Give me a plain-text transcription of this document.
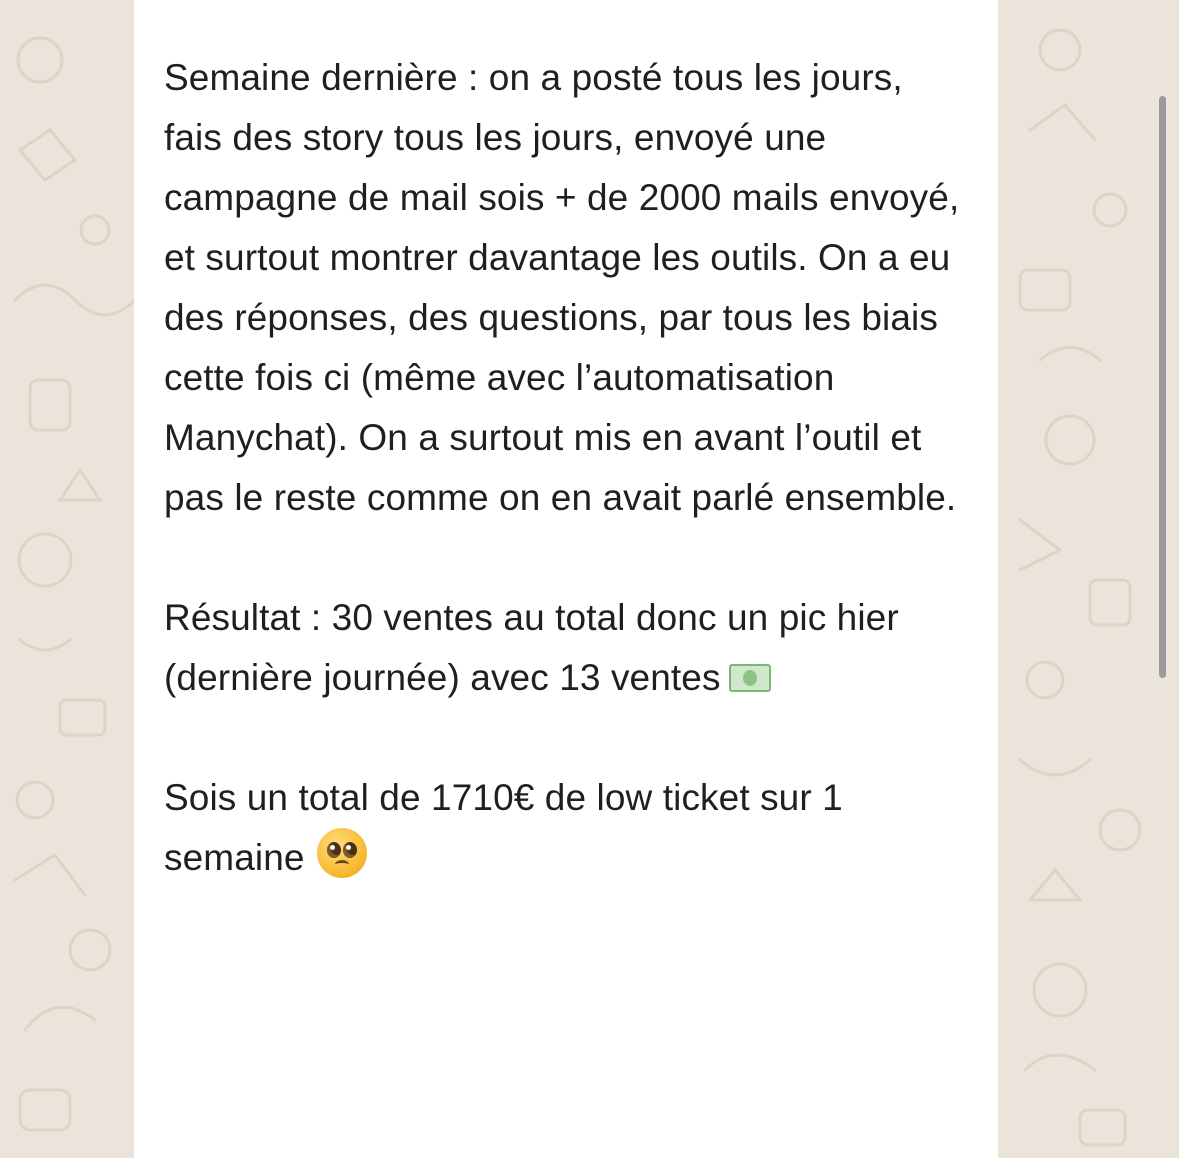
Semaine dernière : on a posté tous les jours, fais des story tous les jours, envoyé une campagne de mail sois + de 2000 mails envoyé, et surtout montrer davantage les outils. On a eu des réponses, des questions, par tous les biais cette fois ci (même avec l’automatisation Manychat). On a surtout mis en avant l’outil et pas le reste comme on en avait parlé ensemble.

Résultat : 30 ventes au total donc un pic hier (dernière journée) avec 13 ventes

Sois un total de 1710€ de low ticket sur 1 semaine
